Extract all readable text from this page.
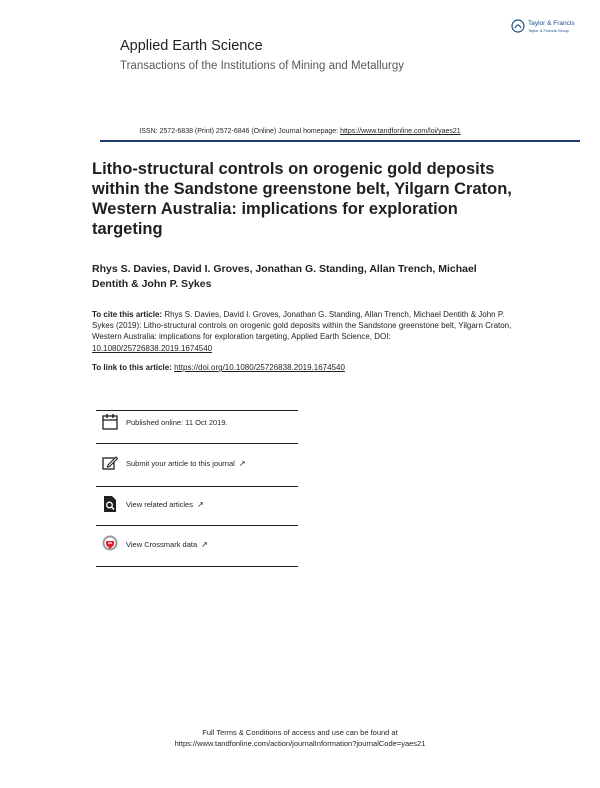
Applied Earth Science
Transactions of the Institutions of Mining and Metallurgy
Taylor & Francis
Taylor & Francis Group
ISSN: 2572-6838 (Print) 2572-6846 (Online) Journal homepage: https://www.tandfonline.com/loi/yaes21
Litho-structural controls on orogenic gold deposits within the Sandstone greenstone belt, Yilgarn Craton, Western Australia: implications for exploration targeting
Rhys S. Davies, David I. Groves, Jonathan G. Standing, Allan Trench, Michael Dentith & John P. Sykes
To cite this article: Rhys S. Davies, David I. Groves, Jonathan G. Standing, Allan Trench, Michael Dentith & John P. Sykes (2019): Litho-structural controls on orogenic gold deposits within the Sandstone greenstone belt, Yilgarn Craton, Western Australia: implications for exploration targeting, Applied Earth Science, DOI: 10.1080/25726838.2019.1674540
To link to this article: https://doi.org/10.1080/25726838.2019.1674540
Published online: 11 Oct 2019.
Submit your article to this journal ↗
View related articles ↗
View Crossmark data ↗
Full Terms & Conditions of access and use can be found at
https://www.tandfonline.com/action/journalInformation?journalCode=yaes21
